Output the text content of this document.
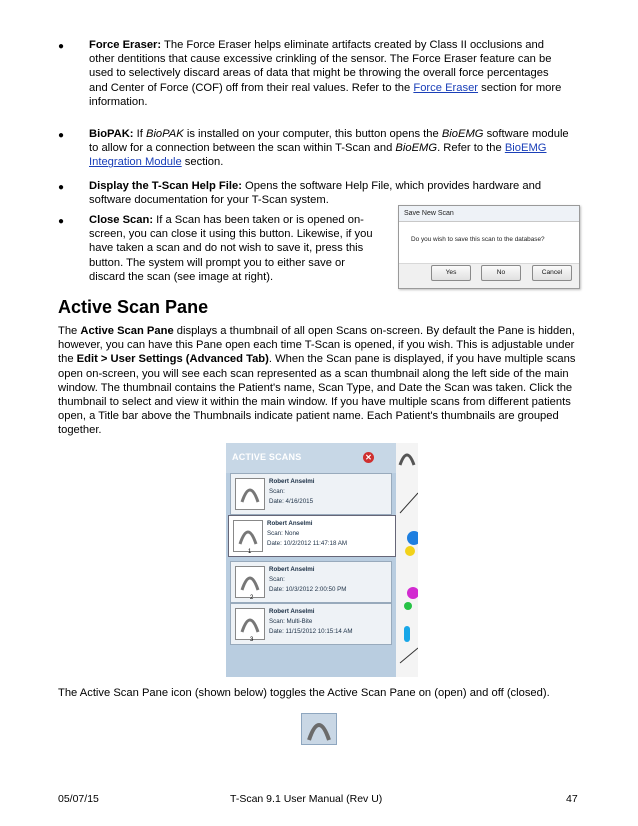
● Force Eraser: The Force Eraser helps eliminate artifacts created by Class II occlusions and other dentitions that cause excessive crinkling of the sensor. The Force Eraser feature can be used to selectively discard areas of data that might be throwing the overall force percentages and Center of Force (COF) off from their real values. Refer to the Force Eraser section for more information.
● BioPAK: If BioPAK is installed on your computer, this button opens the BioEMG software module to allow for a connection between the scan within T-Scan and BioEMG. Refer to the BioEMG Integration Module section.
● Display the T-Scan Help File: Opens the software Help File, which provides hardware and software documentation for your T-Scan system.
● Close Scan: If a Scan has been taken or is opened on-screen, you can close it using this button. Likewise, if you have taken a scan and do not wish to save it, press this button. The system will prompt you to either save or discard the scan (see image at right).
Save New Scan
Do you wish to save this scan to the database?
Yes	No	Cancel
Active Scan Pane
The Active Scan Pane displays a thumbnail of all open Scans on-screen. By default the Pane is hidden, however, you can have this Pane open each time T-Scan is opened, if you wish. This is adjustable under the Edit > User Settings (Advanced Tab). When the Scan pane is displayed, if you have multiple scans open on-screen, you will see each scan represented as a scan thumbnail along the left side of the main window. The thumbnail contains the Patient's name, Scan Type, and Date the Scan was taken. Click the thumbnail to select and view it within the main window. If you have multiple scans from different patients open, a Title bar above the Thumbnails indicate patient name. Each Patient's thumbnails are grouped together.
ACTIVE SCANS	✕
Robert Anselmi
Scan:
Date: 4/16/2015
1
Robert Anselmi
Scan: None
Date: 10/2/2012 11:47:18 AM
2
Robert Anselmi
Scan:
Date: 10/3/2012 2:00:50 PM
3
Robert Anselmi
Scan: Multi-Bite
Date: 11/15/2012 10:15:14 AM
The Active Scan Pane icon (shown below) toggles the Active Scan Pane on (open) and off (closed).
05/07/15	T-Scan 9.1 User Manual (Rev U)	47
